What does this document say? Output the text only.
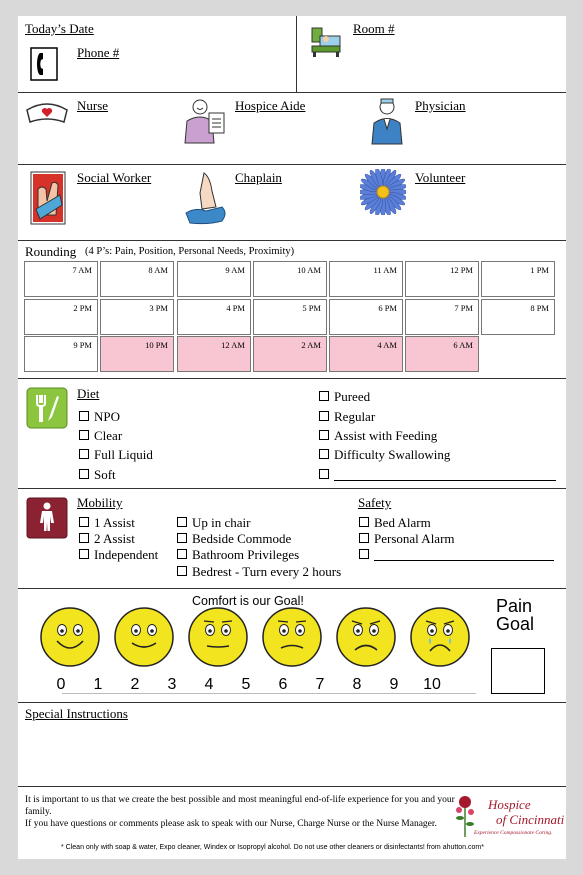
Today’s Date
Phone #
Room #
Nurse	Hospice Aide	Physician
Social Worker	Chaplain	Volunteer
Rounding (4 P’s: Pain, Position, Personal Needs, Proximity)
7 AM	8 AM	9 AM	10 AM	11 AM	12 PM	1 PM
2 PM	3 PM	4 PM	5 PM	6 PM	7 PM	8 PM
9 PM	10 PM	12 AM	2 AM	4 AM	6 AM
Diet
NPO
Clear
Full Liquid
Soft
Pureed
Regular
Assist with Feeding
Difficulty Swallowing
Mobility
1 Assist
2 Assist
Independent
Up in chair
Bedside Commode
Bathroom Privileges
Bedrest - Turn every 2 hours
Safety
Bed Alarm
Personal Alarm
Comfort is our Goal!
0	1	2	3	4	5	6	7	8	9	10
Pain
Goal
Special Instructions
It is important to us that we create the best possible and most meaningful end-of-life experience for you and your family.
If you have questions or comments please ask to speak with our Nurse, Charge Nurse or the Nurse Manager.
* Clean only with soap & water, Expo cleaner, Windex or Isopropyl alcohol. Do not use other cleaners or disinfectants! from ahutton.com*
Hospice
of Cincinnati
Experience Compassionate Caring.
